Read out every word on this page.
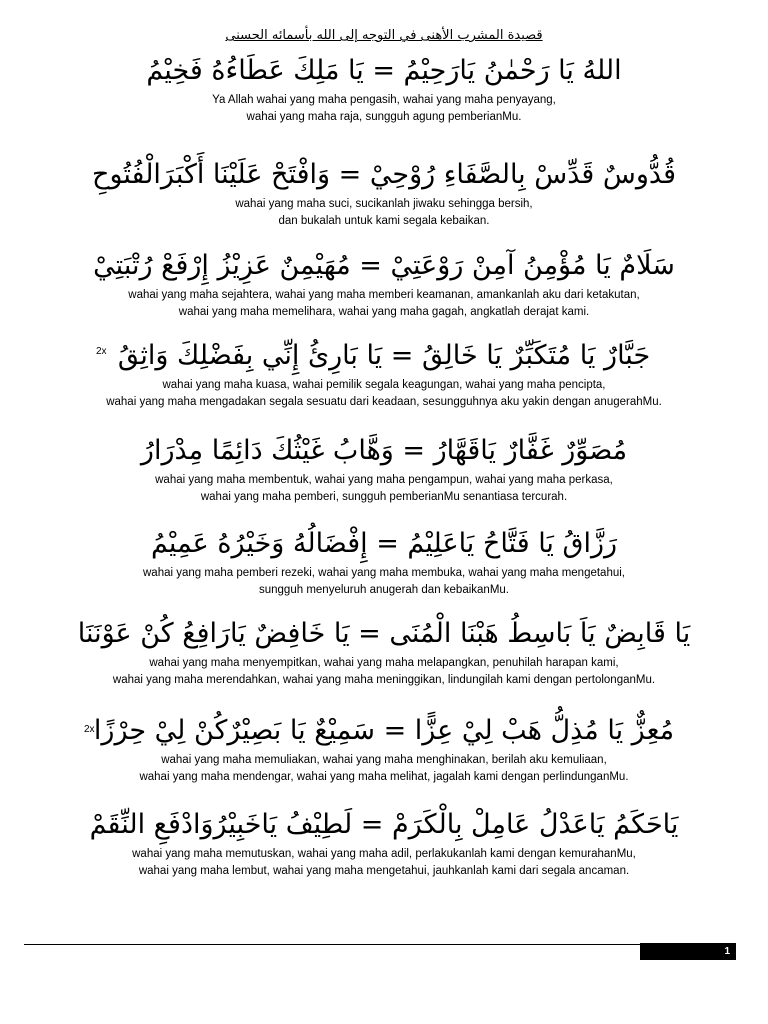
قصيدة المشرب الأهنى في التوجه إلى الله بأسمائه الحسنى
اللهُ يَا رَحْمٰنُ يَارَحِيْمُ = يَا مَلِكَ عَطَاءُهُ فَخِيْمُ
Ya Allah wahai yang maha pengasih, wahai yang maha penyayang,
wahai yang maha raja, sungguh agung pemberianMu.
قُدُّوسٌ قَدِّسْ بِالصَّفَاءِ رُوْحِيْ = وَافْتَحْ عَلَيْنَا أَكْبَرَالْفُتُوحِ
wahai yang maha suci, sucikanlah jiwaku sehingga bersih,
dan bukalah untuk kami segala kebaikan.
سَلَامٌ يَا مُؤْمِنُ آمِنْ رَوْعَتِيْ = مُهَيْمِنٌ عَزِيْزُ إِرْفَعْ رُتْبَتِيْ
wahai yang maha sejahtera, wahai yang maha memberi keamanan, amankanlah aku dari ketakutan,
wahai yang maha memelihara, wahai yang maha gagah, angkatlah derajat kami.
2x جَبَّارٌ يَا مُتَكَبِّرٌ يَا خَالِقُ = يَا بَارِئُ إِنِّي بِفَضْلِكَ وَاثِقُ
wahai yang maha kuasa, wahai pemilik segala keagungan, wahai yang maha pencipta,
wahai yang maha mengadakan segala sesuatu dari keadaan, sesungguhnya aku yakin dengan anugerahMu.
مُصَوِّرٌ غَفَّارٌ يَاقَهَّارُ = وَهَّابُ غَيْثُكَ دَائِمًا مِدْرَارُ
wahai yang maha membentuk, wahai yang maha pengampun, wahai yang maha perkasa,
wahai yang maha pemberi, sungguh pemberianMu senantiasa tercurah.
رَزَّاقُ يَا فَتَّاحُ يَاعَلِيْمُ = إِفْضَالُهُ وَخَيْرُهُ عَمِيْمُ
wahai yang maha pemberi rezeki, wahai yang maha membuka, wahai yang maha mengetahui,
sungguh menyeluruh anugerah dan kebaikanMu.
يَا قَابِضٌ يَاَ بَاسِطُ هَبْنَا الْمُنَى = يَا خَافِضٌ يَارَافِعُ كُنْ عَوْنَنَا
wahai yang maha menyempitkan, wahai yang maha melapangkan, penuhilah harapan kami,
wahai yang maha merendahkan, wahai yang maha meninggikan, lindungilah kami dengan pertolonganMu.
2x مُعِزٌّ يَا مُذِلُّ هَبْ لِيْ عِزًّا = سَمِيْعٌ يَا بَصِيْرٌكُنْ لِيْ حِرْزًا
wahai yang maha memuliakan, wahai yang maha menghinakan, berilah aku kemuliaan,
wahai yang maha mendengar, wahai yang maha melihat, jagalah kami dengan perlindunganMu.
يَاحَكَمُ يَاعَدْلُ عَامِلْ بِالْكَرَمْ = لَطِيْفُ يَاخَبِيْرُوَادْفَعِ النِّقَمْ
wahai yang maha memutuskan, wahai yang maha adil, perlakukanlah kami dengan kemurahanMu,
wahai yang maha lembut, wahai yang maha mengetahui, jauhkanlah kami dari segala ancaman.
1
